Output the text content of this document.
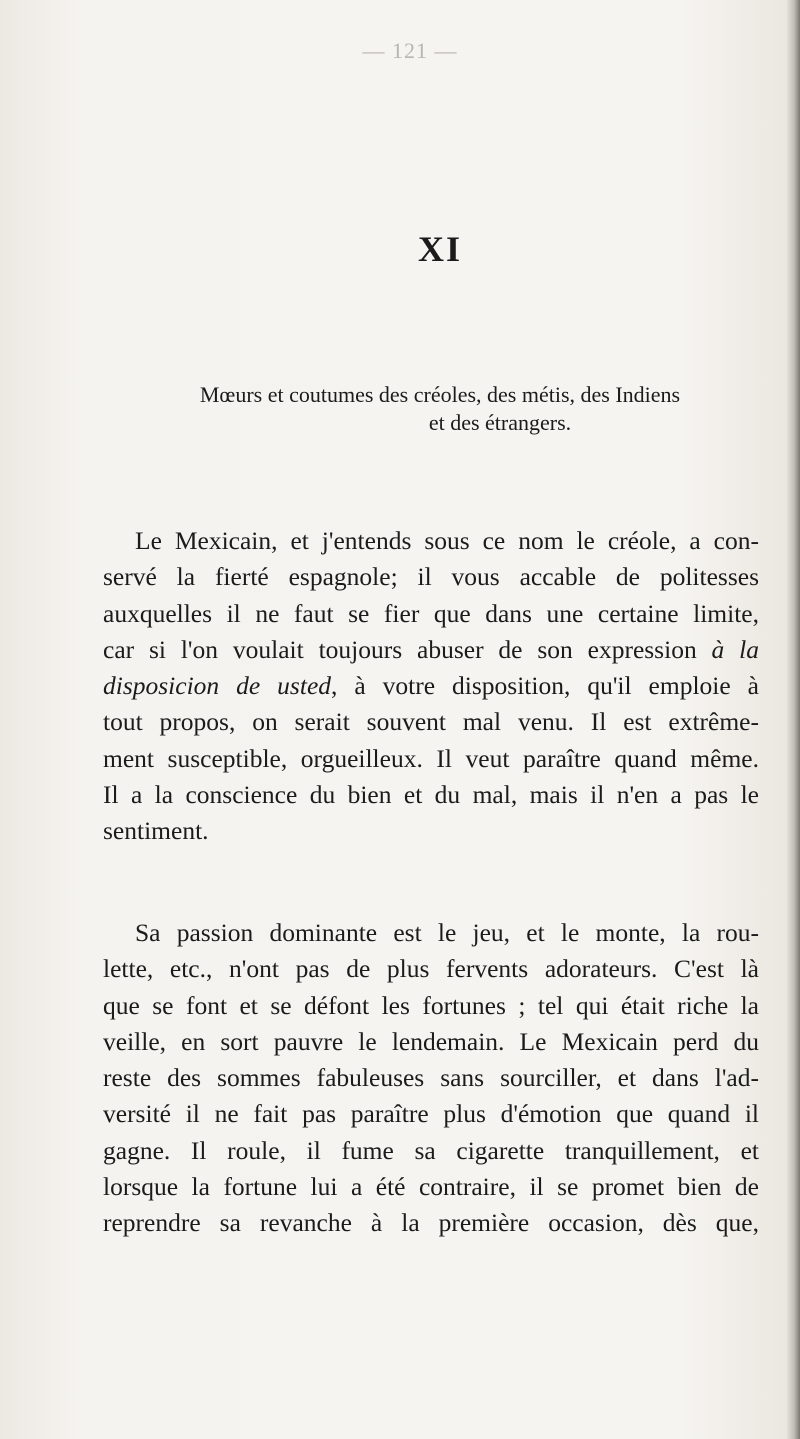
— 121 —
XI
Mœurs et coutumes des créoles, des métis, des Indiens
et des étrangers.
Le Mexicain, et j'entends sous ce nom le créole, a con-
servé la fierté espagnole; il vous accable de politesses
auxquelles il ne faut se fier que dans une certaine limite,
car si l'on voulait toujours abuser de son expression à la
disposicion de usted, à votre disposition, qu'il emploie à
tout propos, on serait souvent mal venu. Il est extrême-
ment susceptible, orgueilleux. Il veut paraître quand même.
Il a la conscience du bien et du mal, mais il n'en a pas le
sentiment.
Sa passion dominante est le jeu, et le monte, la rou-
lette, etc., n'ont pas de plus fervents adorateurs. C'est là
que se font et se défont les fortunes ; tel qui était riche la
veille, en sort pauvre le lendemain. Le Mexicain perd du
reste des sommes fabuleuses sans sourciller, et dans l'ad-
versité il ne fait pas paraître plus d'émotion que quand il
gagne. Il roule, il fume sa cigarette tranquillement, et
lorsque la fortune lui a été contraire, il se promet bien de
reprendre sa revanche à la première occasion, dès que,
